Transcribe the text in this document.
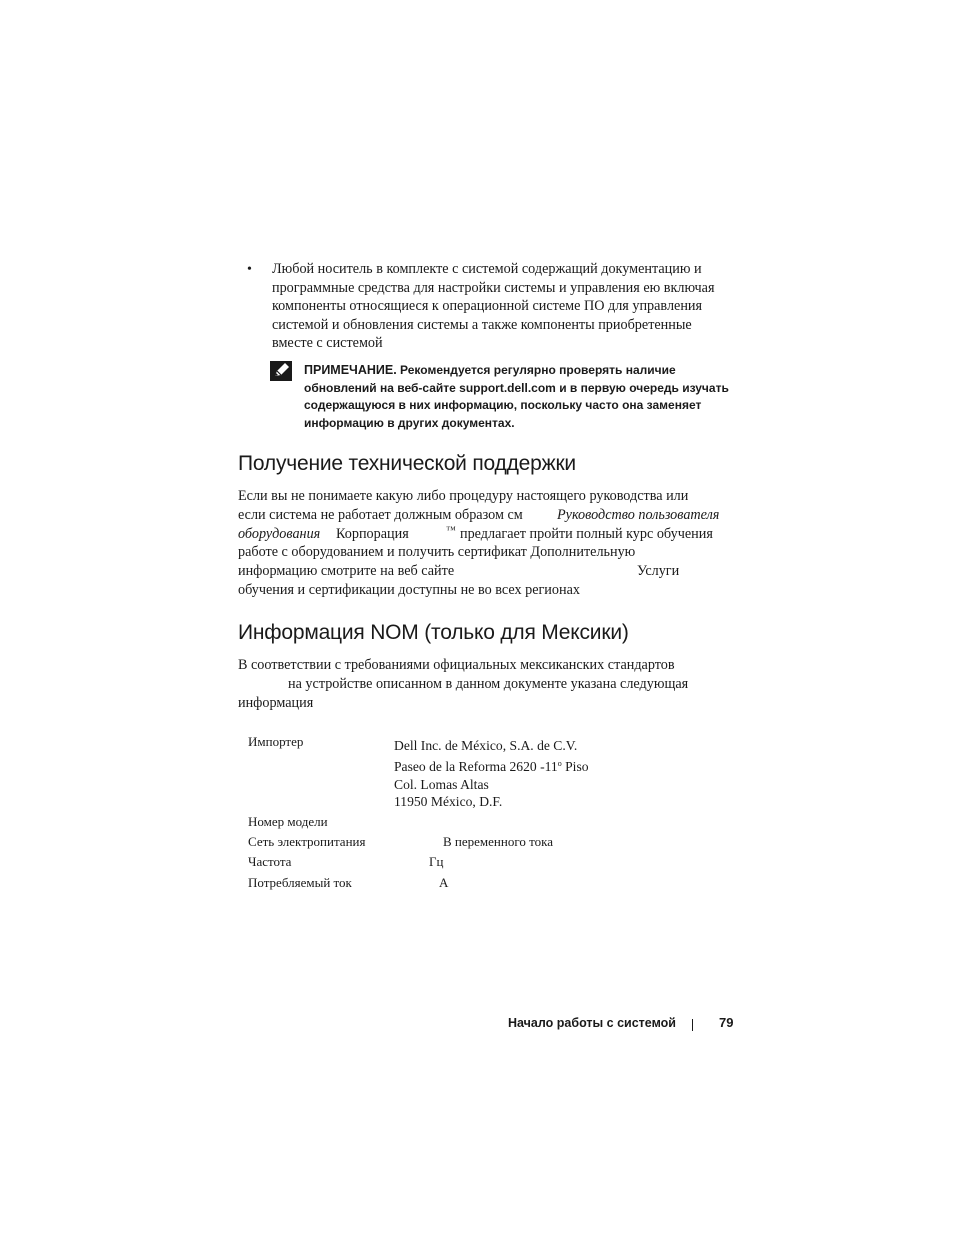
• Любой носитель в комплекте с системой содержащий документацию и
программные средства для настройки системы и управления ею включая
компоненты относящиеся к операционной системе ПО для управления
системой и обновления системы а также компоненты приобретенные
вместе с системой
ПРИМЕЧАНИЕ. Рекомендуется регулярно проверять наличие
обновлений на веб-сайте support.dell.com и в первую очередь изучать
содержащуюся в них информацию, поскольку часто она заменяет
информацию в других документах.
Получение технической поддержки
Если вы не понимаете какую либо процедуру настоящего руководства или
если система не работает должным образом см Руководство пользователя
оборудования Корпорация	™ предлагает пройти полный курс обучения
работе с оборудованием и получить сертификат Дополнительную
информацию смотрите на веб сайте	Услуги
обучения и сертификации доступны не во всех регионах
Информация NOM (только для Мексики)
В соответствии с требованиями официальных мексиканских стандартов
на устройстве описанном в данном документе указана следующая
информация
Импортер	Dell Inc. de México, S.A. de C.V.
Paseo de la Reforma 2620 -11$^o$ Piso
Col. Lomas Altas
11950 México, D.F.
Номер модели
Сеть электропитания	В переменного тока
Частота	Гц
Потребляемый ток	А
Начало работы с системой	79
